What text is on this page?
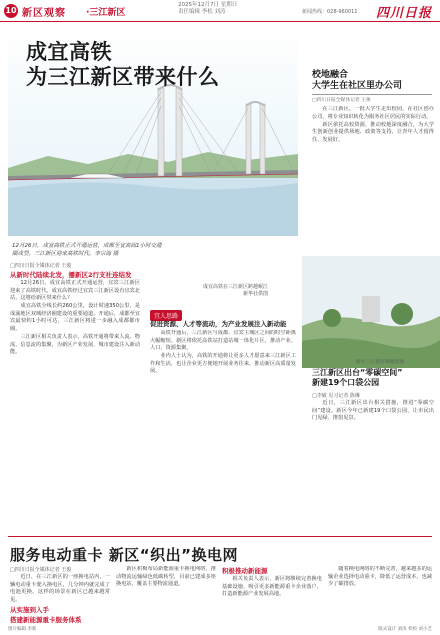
10 新区观察 ·三江新区
2025年12月7日 星期日
责任编辑 李松 刘涛	新闻热线：028-960011 四川日报
成宜高铁
为三江新区带来什么
12月26日，成宜高铁正式开通运营，成都至宜宾间1小时交通圈成型。三江新区迎来高铁时代。李宗海 摄
成宜高铁在三江新区跨越岷江
新华社供图
□四川日报全媒体记者 王俊
从新时代陆续北发，播新区2行支社连结发

12月26日，成宜高铁正式开通运营，宜宾三江新区迎来了高铁时代。成宜高铁经过宜宾三江新区设有宜宾北站，这将给新区带来什么？

成宜高铁全线长约260公里，设计时速350公里，是成渝地区双城经济圈建设的重要通道。开通后，成都至宜宾最快约1小时可达，三江新区将进一步融入成都都市圈。

三江新区相关负责人表示，高铁开通将带来人流、物流、信息流的集聚，为新区产业发展、城市建设注入新动能。

宜人思路
促进资源、人才等流动，为产业发展注入新动能

高铁开通后，三江新区与成都、宜宾主城区之间的时空距离大幅缩短。新区将依托高铁站打造站城一体化片区，推动产业、人口、资源集聚。

业内人士认为，高铁的开通将让更多人才愿意来三江新区工作和生活，也让企业更方便地开展业务往来，推动新区高质量发展。

校地融合
大学生在社区里办公司
□四川日报全媒体记者 王俊

在三江新区，一批大学生走出校园，在社区创办公司，将专业知识转化为服务社区居民的实际行动。

新区依托高校资源，推动校地深度融合，为大学生创新创业提供场地、政策等支持，让青年人才留得住、发展好。

新区三江新区零碳景观
三江新区出台“零碳空间”
新建19个口袋公园
□李敏 见习记者 陈琳

近日，三江新区出台相关措施，推进“零碳空间”建设。新区今年已新建19个口袋公园，让市民出门见绿、推窗见景。

服务电动重卡 新区“织出”换电网
□四川日报全媒体记者 王俊

近日，在三江新区的一座换电站内，一辆电动重卡驶入换电区，几分钟内就完成了电池更换。这样的场景在新区已越来越常见。

从实施到入手
搭建新能源重卡服务体系

新区积极布局新能源重卡换电网络，推动物流运输绿色低碳转型，目前已建成多座换电站，覆盖主要物流通道。

积极推动新能源

相关负责人表示，新区将继续完善换电基础设施，吸引更多新能源重卡企业落户，打造新能源产业发展高地。

随着换电网络的不断完善，越来越多的运输企业选择电动重卡，降低了运营成本，也减少了碳排放。

图片编辑 李新	版式设计 刘涛 检校 刘小艺
